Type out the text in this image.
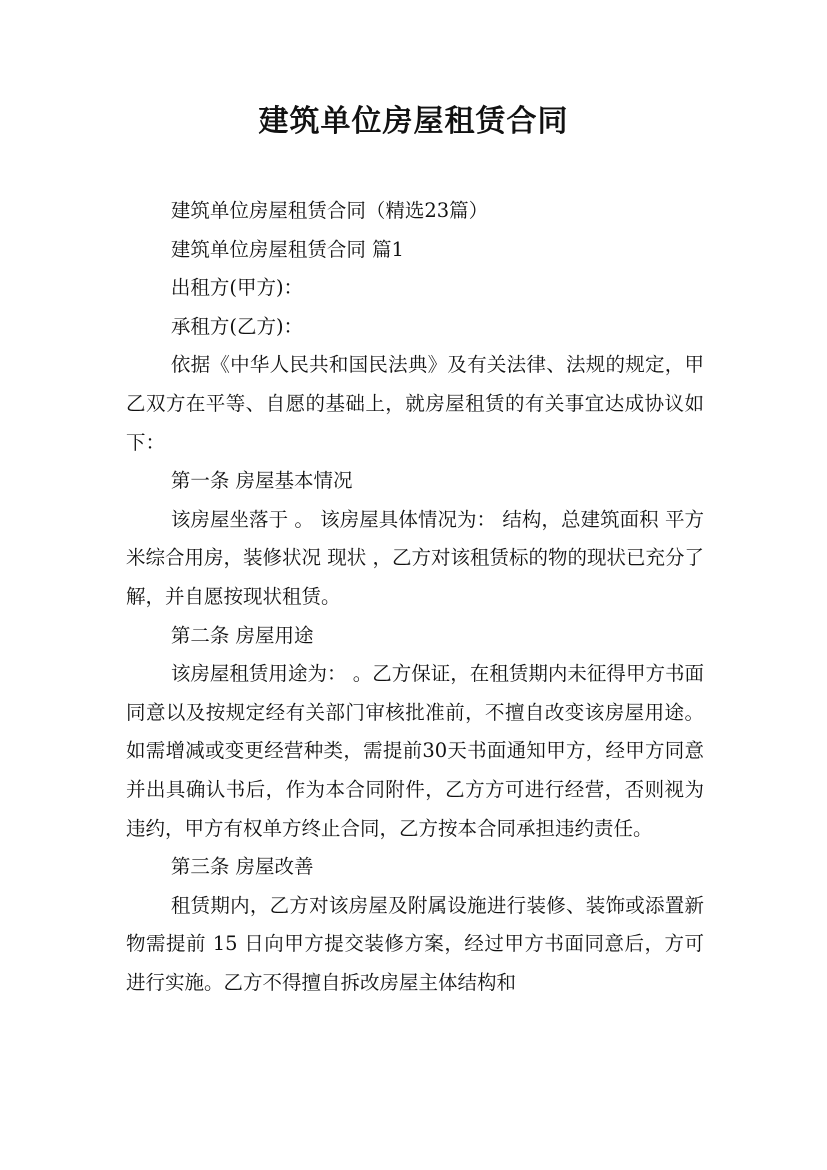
建筑单位房屋租赁合同

建筑单位房屋租赁合同（精选23篇）

建筑单位房屋租赁合同 篇1

出租方(甲方)：

承租方(乙方)：

依据《中华人民共和国民法典》及有关法律、法规的规定，甲乙双方在平等、自愿的基础上，就房屋租赁的有关事宜达成协议如下：

第一条 房屋基本情况

该房屋坐落于 。 该房屋具体情况为： 结构，总建筑面积 平方米综合用房，装修状况 现状 ，乙方对该租赁标的物的现状已充分了解，并自愿按现状租赁。

第二条 房屋用途

该房屋租赁用途为： 。乙方保证，在租赁期内未征得甲方书面同意以及按规定经有关部门审核批准前，不擅自改变该房屋用途。如需增减或变更经营种类，需提前30天书面通知甲方，经甲方同意并出具确认书后，作为本合同附件，乙方方可进行经营，否则视为违约，甲方有权单方终止合同，乙方按本合同承担违约责任。

第三条 房屋改善

租赁期内，乙方对该房屋及附属设施进行装修、装饰或添置新物需提前 15 日向甲方提交装修方案，经过甲方书面同意后，方可进行实施。乙方不得擅自拆改房屋主体结构和
